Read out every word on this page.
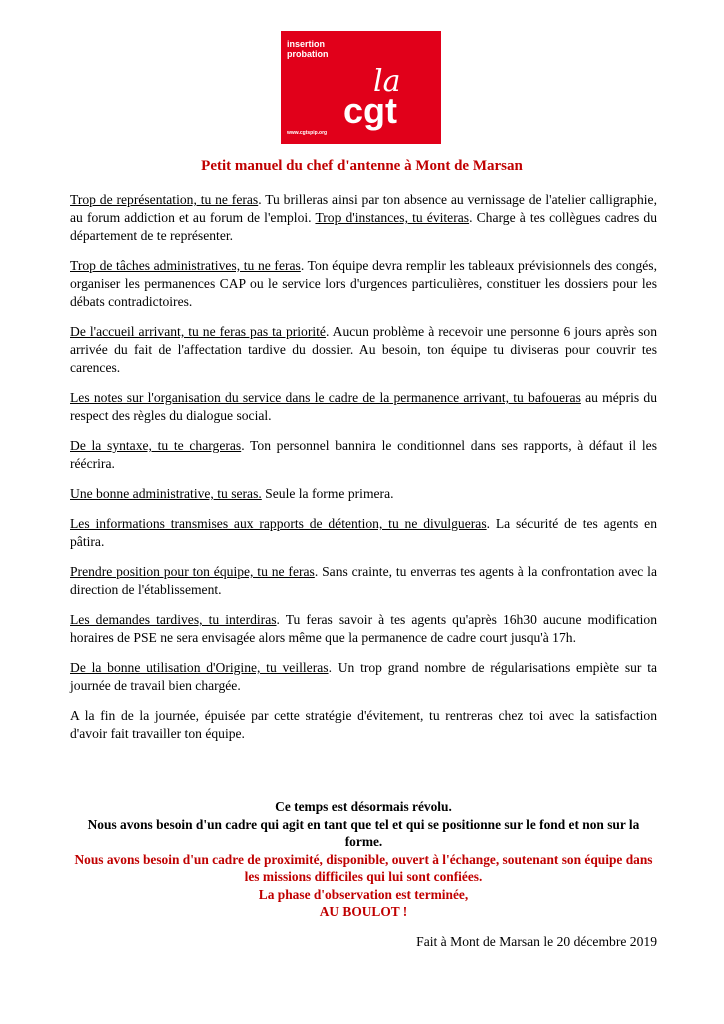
insertion
probation
la
cgt
www.cgtspip.org
Petit manuel du chef d'antenne à Mont de Marsan

Trop de représentation, tu ne feras. Tu brilleras ainsi par ton absence au vernissage de l'atelier calligraphie, au forum addiction et au forum de l'emploi. Trop d'instances, tu éviteras. Charge à tes collègues cadres du département de te représenter.

Trop de tâches administratives, tu ne feras. Ton équipe devra remplir les tableaux prévisionnels des congés, organiser les permanences CAP ou le service lors d'urgences particulières, constituer les dossiers pour les débats contradictoires.

De l'accueil arrivant, tu ne feras pas ta priorité. Aucun problème à recevoir une personne 6 jours après son arrivée du fait de l'affectation tardive du dossier. Au besoin, ton équipe tu diviseras pour couvrir tes carences.

Les notes sur l'organisation du service dans le cadre de la permanence arrivant, tu bafoueras au mépris du respect des règles du dialogue social.

De la syntaxe, tu te chargeras. Ton personnel bannira le conditionnel dans ses rapports, à défaut il les réécrira.

Une bonne administrative, tu seras. Seule la forme primera.

Les informations transmises aux rapports de détention, tu ne divulgueras. La sécurité de tes agents en pâtira.

Prendre position pour ton équipe, tu ne feras. Sans crainte, tu enverras tes agents à la confrontation avec la direction de l'établissement.

Les demandes tardives, tu interdiras. Tu feras savoir à tes agents qu'après 16h30 aucune modification horaires de PSE ne sera envisagée alors même que la permanence de cadre court jusqu'à 17h.

De la bonne utilisation d'Origine, tu veilleras. Un trop grand nombre de régularisations empiète sur ta journée de travail bien chargée.

A la fin de la journée, épuisée par cette stratégie d'évitement, tu rentreras chez toi avec la satisfaction d'avoir fait travailler ton équipe.

Ce temps est désormais révolu.
Nous avons besoin d'un cadre qui agit en tant que tel et qui se positionne sur le fond et non sur la forme.
Nous avons besoin d'un cadre de proximité, disponible, ouvert à l'échange, soutenant son équipe dans les missions difficiles qui lui sont confiées.
La phase d'observation est terminée,
AU BOULOT !
Fait à Mont de Marsan le 20 décembre 2019
